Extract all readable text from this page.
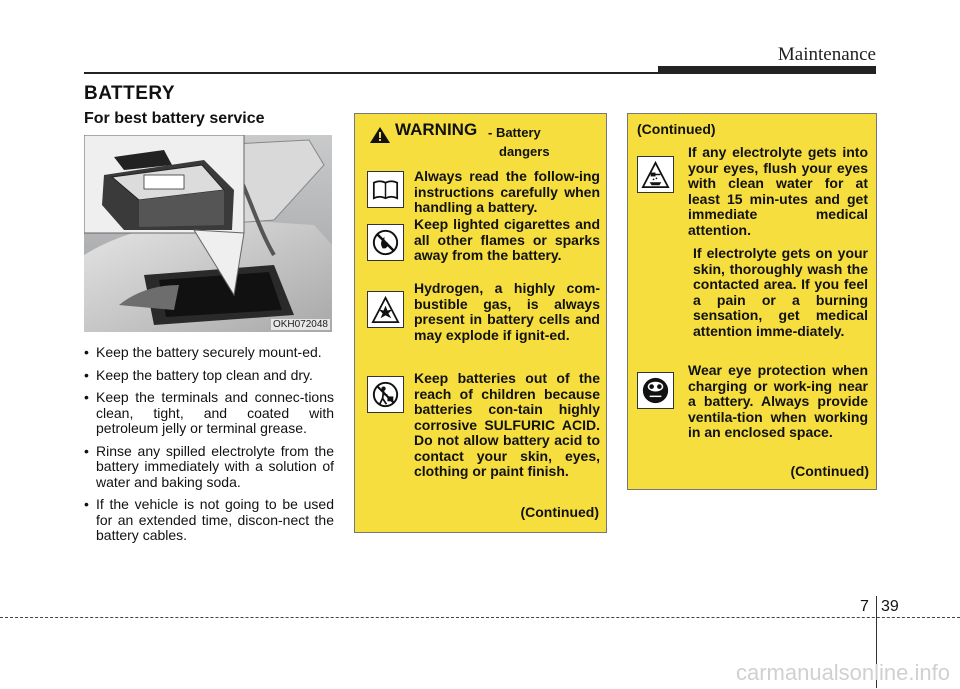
Maintenance
BATTERY
For best battery service
OKH072048
• Keep the battery securely mount-ed.
• Keep the battery top clean and dry.
• Keep the terminals and connec-tions clean, tight, and coated with petroleum jelly or terminal grease.
• Rinse any spilled electrolyte from the battery immediately with a solution of water and baking soda.
• If the vehicle is not going to be used for an extended time, discon-nect the battery cables.
WARNING - Battery
dangers
Always read the follow-ing instructions carefully when handling a battery.
Keep lighted cigarettes and all other flames or sparks away from the battery.
Hydrogen, a highly com-bustible gas, is always present in battery cells and may explode if ignit-ed.
Keep batteries out of the reach of children because batteries con-tain highly corrosive SULFURIC ACID. Do not allow battery acid to contact your skin, eyes, clothing or paint finish.
(Continued)
(Continued)
If any electrolyte gets into your eyes, flush your eyes with clean water for at least 15 min-utes and get immediate medical attention.
If electrolyte gets on your skin, thoroughly wash the contacted area. If you feel a pain or a burning sensation, get medical attention imme-diately.
Wear eye protection when charging or work-ing near a battery. Always provide ventila-tion when working in an enclosed space.
(Continued)
7 39
carmanualsonline.info
